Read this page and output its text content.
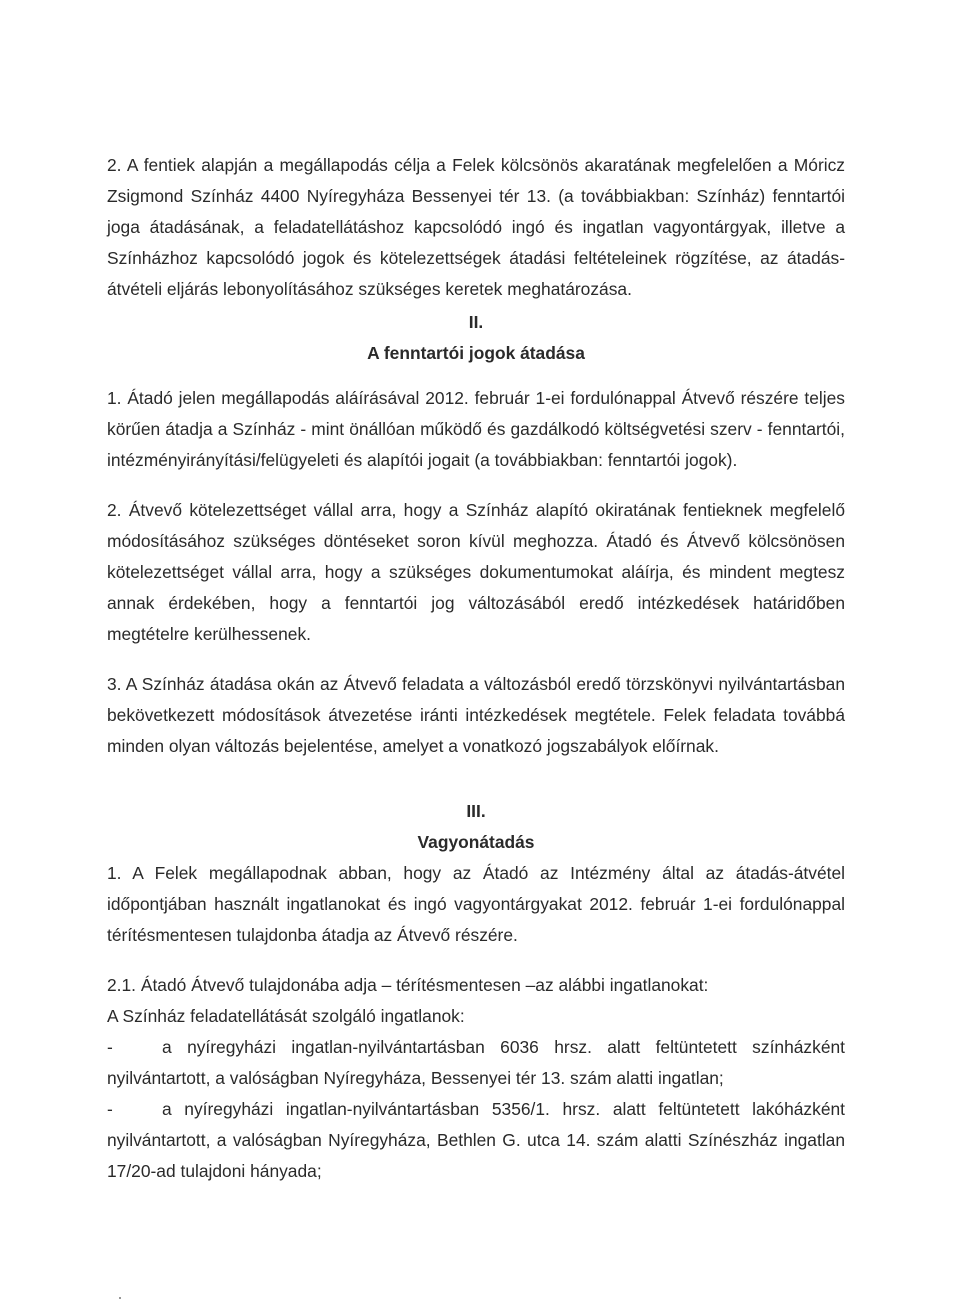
2. A fentiek alapján a megállapodás célja a Felek kölcsönös akaratának megfelelően a Móricz Zsigmond Színház 4400 Nyíregyháza Bessenyei tér 13. (a továbbiakban: Színház) fenntartói joga átadásának, a feladatellátáshoz kapcsolódó ingó és ingatlan vagyontárgyak, illetve a Színházhoz kapcsolódó jogok és kötelezettségek átadási feltételeinek rögzítése, az átadás-átvételi eljárás lebonyolításához szükséges keretek meghatározása.

II.

A fenntartói jogok átadása

1. Átadó jelen megállapodás aláírásával 2012. február 1-ei fordulónappal Átvevő részére teljes körűen átadja a Színház - mint önállóan működő és gazdálkodó költségvetési szerv - fenntartói, intézményirányítási/felügyeleti és alapítói jogait (a továbbiakban: fenntartói jogok).

2. Átvevő kötelezettséget vállal arra, hogy a Színház alapító okiratának fentieknek megfelelő módosításához szükséges döntéseket soron kívül meghozza. Átadó és Átvevő kölcsönösen kötelezettséget vállal arra, hogy a szükséges dokumentumokat aláírja, és mindent megtesz annak érdekében, hogy a fenntartói jog változásából eredő intézkedések határidőben megtételre kerülhessenek.

3. A Színház átadása okán az Átvevő feladata a változásból eredő törzskönyvi nyilvántartásban bekövetkezett módosítások átvezetése iránti intézkedések megtétele. Felek feladata továbbá minden olyan változás bejelentése, amelyet a vonatkozó jogszabályok előírnak.

III.

Vagyonátadás

1. A Felek megállapodnak abban, hogy az Átadó az Intézmény által az átadás-átvétel időpontjában használt ingatlanokat és ingó vagyontárgyakat 2012. február 1-ei fordulónappal térítésmentesen tulajdonba átadja az Átvevő részére.

2.1. Átadó Átvevő tulajdonába adja – térítésmentesen –az alábbi ingatlanokat:

A Színház feladatellátását szolgáló ingatlanok:

-	a nyíregyházi ingatlan-nyilvántartásban 6036 hrsz. alatt feltüntetett színházként nyilvántartott, a valóságban Nyíregyháza, Bessenyei tér 13. szám alatti ingatlan;
-	a nyíregyházi ingatlan-nyilvántartásban 5356/1. hrsz. alatt feltüntetett lakóházként nyilvántartott, a valóságban Nyíregyháza, Bethlen G. utca 14. szám alatti Színészház ingatlan 17/20-ad tulajdoni hányada;
